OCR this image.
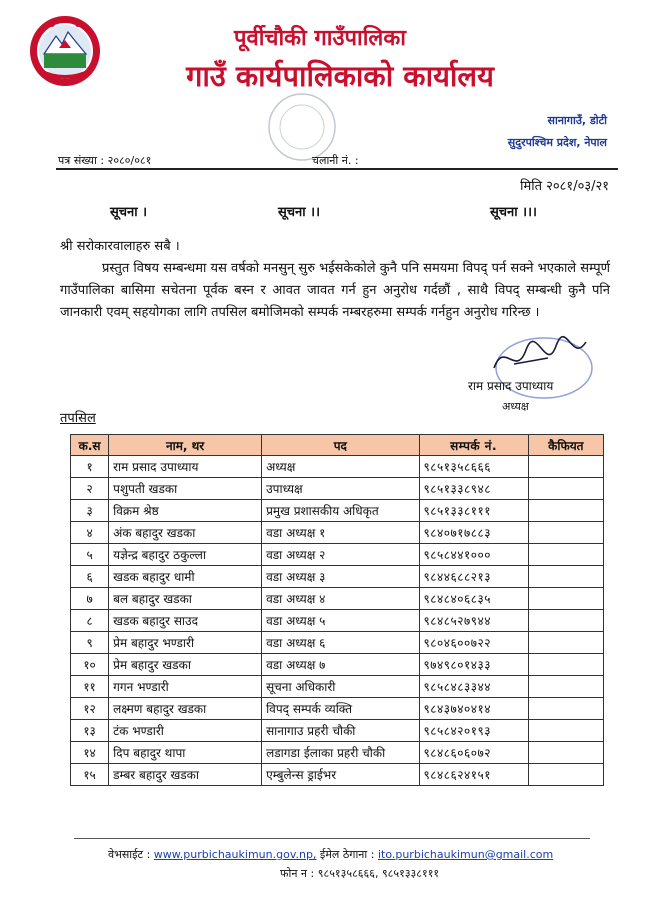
पूर्वीचौकी गाउँपालिका
गाउँ कार्यपालिकाको कार्यालय
सानागाउँ, डोटी
सुदुरपश्चिम प्रदेश, नेपाल
पत्र संख्या : २०८०/०८१	चलानी नं. :
मिति २०८१/०३/२१
सूचना ।	सूचना ।।	सूचना ।।।
श्री सरोकारवालाहरु सबै ।
प्रस्तुत विषय सम्बन्धमा यस वर्षको मनसुन् सुरु भईसकेकोले कुनै पनि समयमा विपद् पर्न सक्ने भएकाले सम्पूर्ण गाउँपालिका बासिमा सचेतना पूर्वक बस्न र आवत जावत गर्न हुन अनुरोध गर्दछौं , साथै विपद् सम्बन्धी कुनै पनि जानकारी एवम् सहयोगका लागि तपसिल बमोजिमको सम्पर्क नम्बरहरुमा सम्पर्क गर्नहुन अनुरोध गरिन्छ ।
राम प्रसाद उपाध्याय
अध्यक्ष
तपसिल
क.स	नाम, थर	पद	सम्पर्क नं.	कैफियत
१	राम प्रसाद उपाध्याय	अध्यक्ष	९८५१३५८६६६	
२	पशुपती खडका	उपाध्यक्ष	९८५१३३८९४८	
३	विक्रम श्रेष्ठ	प्रमुख प्रशासकीय अधिकृत	९८५१३३८१११	
४	अंक बहादुर खडका	वडा अध्यक्ष १	९८४०७१७८८३	
५	यज्ञेन्द्र बहादुर ठकुल्ला	वडा अध्यक्ष २	९८५८४४१०००	
६	खडक बहादुर धामी	वडा अध्यक्ष ३	९८४४६८८२१३	
७	बल बहादुर खडका	वडा अध्यक्ष ४	९८४८४०६८३५	
८	खडक बहादुर साउद	वडा अध्यक्ष ५	९८४८५२७९४४	
९	प्रेम बहादुर भण्डारी	वडा अध्यक्ष ६	९८०४६००७२२	
१०	प्रेम बहादुर खडका	वडा अध्यक्ष ७	९७४९८०१४३३	
११	गगन भण्डारी	सूचना अधिकारी	९८५८४८३३४४	
१२	लक्ष्मण बहादुर खडका	विपद् सम्पर्क व्यक्ति	९८४३७४०४१४	
१३	टंक भण्डारी	सानागाउ प्रहरी चौकी	९८५८४२०१९३	
१४	दिप बहादुर थापा	लडागडा ईलाका प्रहरी चौकी	९८४८६०६०७२	
१५	डम्बर बहादुर खडका	एम्बुलेन्स ड्राईभर	९८४८६२४१५१	
वेभसाईट : www.purbichaukimun.gov.np, ईमेल ठेगाना : ito.purbichaukimun@gmail.com
फोन न : ९८५१३५८६६६, ९८५१३३८१११
